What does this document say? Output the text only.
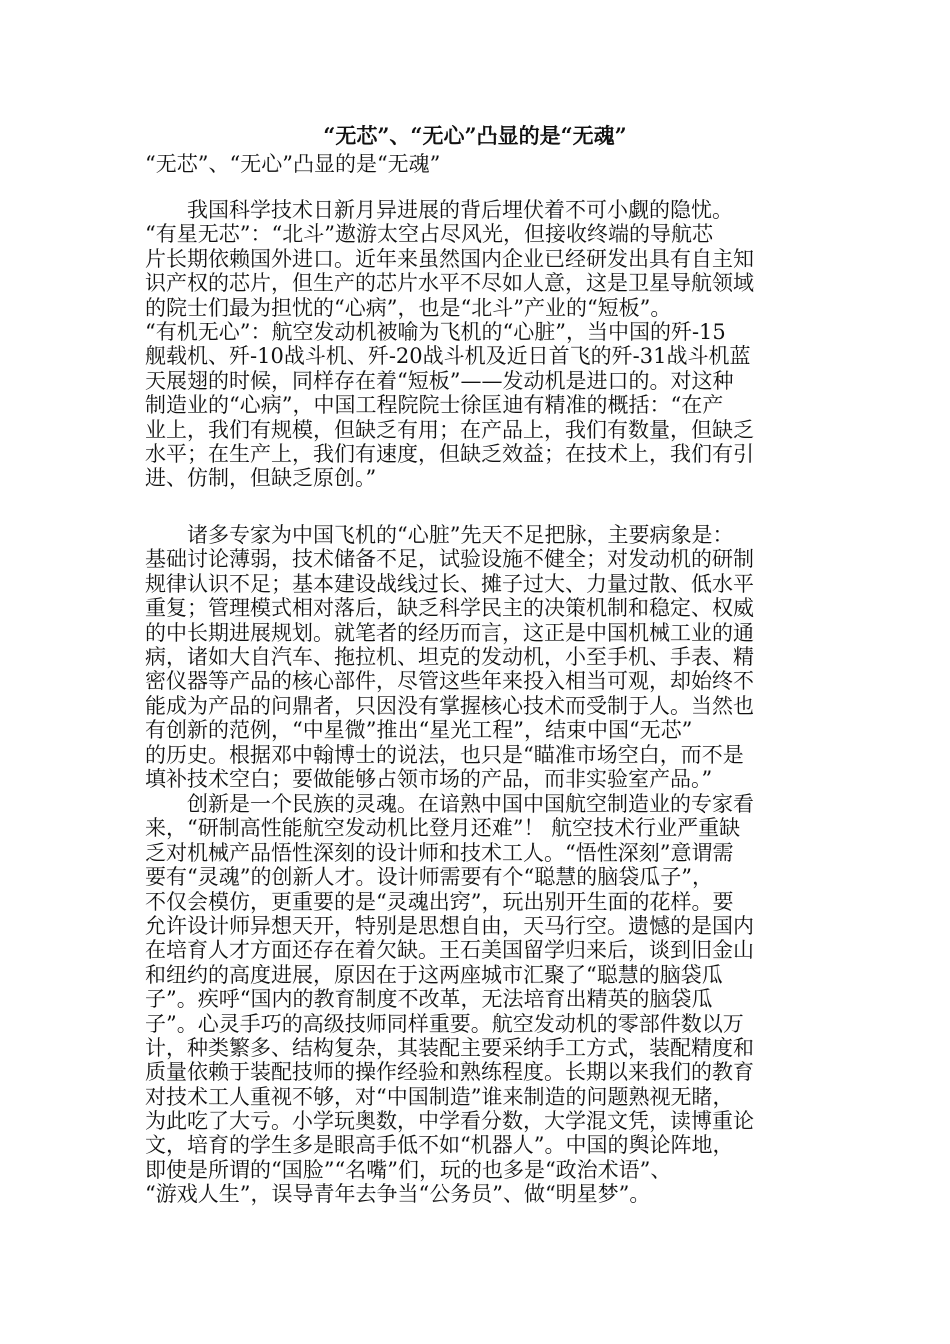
“无芯”、“无心”凸显的是“无魂”
“无芯”、“无心”凸显的是“无魂”
我国科学技术日新月异进展的背后埋伏着不可小觑的隐忧。
“有星无芯”：“北斗”遨游太空占尽风光，但接收终端的导航芯
片长期依赖国外进口。近年来虽然国内企业已经研发出具有自主知
识产权的芯片，但生产的芯片水平不尽如人意，这是卫星导航领域
的院士们最为担忧的“心病”，也是“北斗”产业的“短板”。
“有机无心”：航空发动机被喻为飞机的“心脏”，当中国的歼-15
舰载机、歼-10战斗机、歼-20战斗机及近日首飞的歼-31战斗机蓝
天展翅的时候，同样存在着“短板”——发动机是进口的。对这种
制造业的“心病”，中国工程院院士徐匡迪有精准的概括：“在产
业上，我们有规模，但缺乏有用；在产品上，我们有数量，但缺乏
水平；在生产上，我们有速度，但缺乏效益；在技术上，我们有引
进、仿制，但缺乏原创。”
诸多专家为中国飞机的“心脏”先天不足把脉，主要病象是：
基础讨论薄弱，技术储备不足，试验设施不健全；对发动机的研制
规律认识不足；基本建设战线过长、摊子过大、力量过散、低水平
重复；管理模式相对落后，缺乏科学民主的决策机制和稳定、权威
的中长期进展规划。就笔者的经历而言，这正是中国机械工业的通
病，诸如大自汽车、拖拉机、坦克的发动机，小至手机、手表、精
密仪器等产品的核心部件，尽管这些年来投入相当可观，却始终不
能成为产品的问鼎者，只因没有掌握核心技术而受制于人。当然也
有创新的范例，“中星微”推出“星光工程”，结束中国“无芯”
的历史。根据邓中翰博士的说法，也只是“瞄准市场空白，而不是
填补技术空白；要做能够占领市场的产品，而非实验室产品。”
创新是一个民族的灵魂。在谙熟中国中国航空制造业的专家看
来，“研制高性能航空发动机比登月还难”！ 航空技术行业严重缺
乏对机械产品悟性深刻的设计师和技术工人。“悟性深刻”意谓需
要有“灵魂”的创新人才。设计师需要有个“聪慧的脑袋瓜子”，
不仅会模仿，更重要的是“灵魂出窍”，玩出别开生面的花样。要
允许设计师异想天开，特别是思想自由，天马行空。遗憾的是国内
在培育人才方面还存在着欠缺。王石美国留学归来后，谈到旧金山
和纽约的高度进展，原因在于这两座城市汇聚了“聪慧的脑袋瓜
子”。疾呼“国内的教育制度不改革，无法培育出精英的脑袋瓜
子”。心灵手巧的高级技师同样重要。航空发动机的零部件数以万
计，种类繁多、结构复杂，其装配主要采纳手工方式，装配精度和
质量依赖于装配技师的操作经验和熟练程度。长期以来我们的教育
对技术工人重视不够，对“中国制造”谁来制造的问题熟视无睹，
为此吃了大亏。小学玩奥数，中学看分数，大学混文凭，读博重论
文，培育的学生多是眼高手低不如“机器人”。中国的舆论阵地，
即使是所谓的“国脸”“名嘴”们，玩的也多是“政治术语”、
“游戏人生”，误导青年去争当“公务员”、做“明星梦”。
